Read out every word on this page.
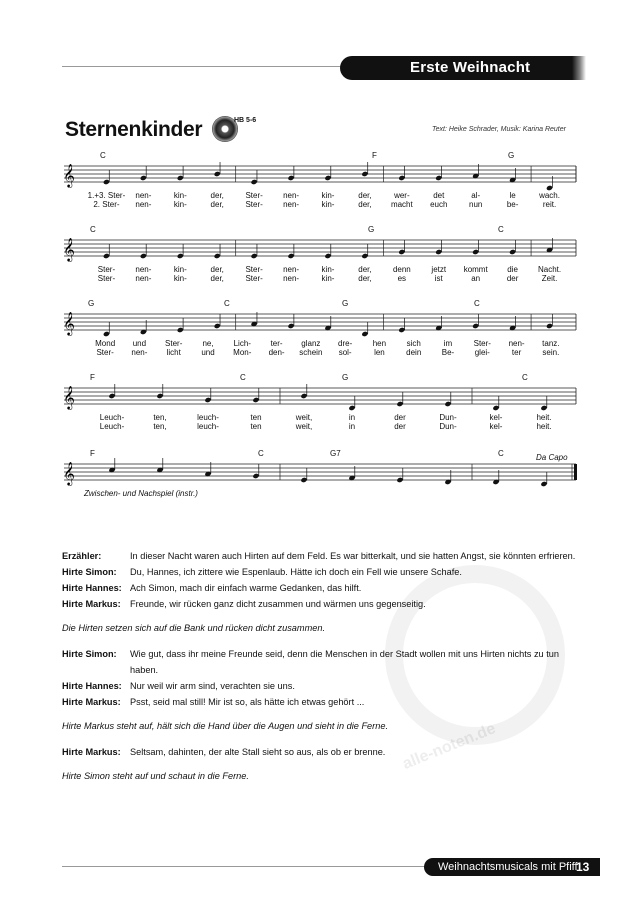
Erste Weihnacht
Sternenkinder	HB 5-6
Text: Heike Schrader, Musik: Karina Reuter
𝄞
C	F	G
1.+3. Ster- nen-	kin-	der,	Ster-	nen-	kin-	der,	wer-	det	al-	le	wach.
2. Ster- nen-	kin-	der,	Ster-	nen-	kin-	der, macht euch	nun	be-	reit.
𝄞
C	G	C
Ster-	nen-	kin-	der,	Ster-	nen-	kin-	der,	denn	jetzt kommt die	Nacht.
Ster-	nen-	kin-	der,	Ster-	nen-	kin-	der,	es	ist	an	der	Zeit.
𝄞
G	C	G	C
Mond und Ster-	ne,	Lich- ter- glanz dre-	hen	sich	im	Ster- nen- tanz.
Ster- nen- licht	und Mon- den- schein sol-	len	dein	Be-	glei-	ter	sein.
𝄞
F	C	G	C
Leuch-	ten,	leuch-	ten	weit,	in	der	Dun-	kel-	heit.
Leuch-	ten,	leuch-	ten	weit,	in	der	Dun-	kel-	heit.
𝄞
F	C	G7	C
Zwischen- und Nachspiel (instr.)
Da Capo
alle-noten.de
Erzähler:	In dieser Nacht waren auch Hirten auf dem Feld. Es war bitterkalt, und sie hatten Angst, sie könnten erfrieren.
Hirte Simon:	Du, Hannes, ich zittere wie Espenlaub. Hätte ich doch ein Fell wie unsere Schafe.
Hirte Hannes: Ach Simon, mach dir einfach warme Gedanken, das hilft.
Hirte Markus:	Freunde, wir rücken ganz dicht zusammen und wärmen uns gegenseitig.
Die Hirten setzen sich auf die Bank und rücken dicht zusammen.
Hirte Simon:	Wie gut, dass ihr meine Freunde seid, denn die Menschen in der Stadt wollen mit uns Hirten nichts zu tun haben.
Hirte Hannes: Nur weil wir arm sind, verachten sie uns.
Hirte Markus:	Psst, seid mal still! Mir ist so, als hätte ich etwas gehört ...
Hirte Markus steht auf, hält sich die Hand über die Augen und sieht in die Ferne.
Hirte Markus:	Seltsam, dahinten, der alte Stall sieht so aus, als ob er brenne.
Hirte Simon steht auf und schaut in die Ferne.
Weihnachtsmusicals mit Pfiff
13
